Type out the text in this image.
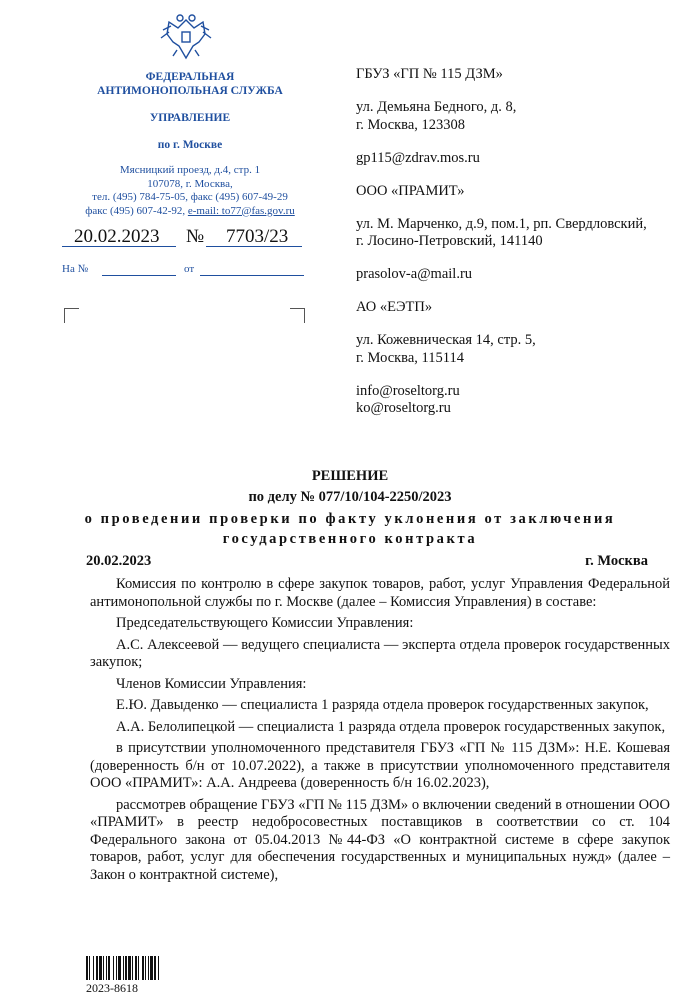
ФЕДЕРАЛЬНАЯ
АНТИМОНОПОЛЬНАЯ СЛУЖБА
УПРАВЛЕНИЕ
по г. Москве
Мясницкий проезд, д.4, стр. 1
107078, г. Москва,
тел. (495) 784-75-05, факс (495) 607-49-29
факс (495) 607-42-92, e-mail: to77@fas.gov.ru
20.02.2023 № 7703/23
На №	от

ГБУЗ «ГП № 115 ДЗМ»

ул. Демьяна Бедного, д. 8,

г. Москва, 123308

gp115@zdrav.mos.ru

ООО «ПРАМИТ»

ул. М. Марченко, д.9, пом.1, рп. Свердловский,

г. Лосино-Петровский, 141140

prasolov-a@mail.ru

АО «ЕЭТП»

ул. Кожевническая 14, стр. 5,

г. Москва, 115114

info@roseltorg.ru

ko@roseltorg.ru

РЕШЕНИЕ
по делу № 077/10/104-2250/2023
о проведении проверки по факту уклонения от заключения
государственного контракта
20.02.2023	г. Москва

Комиссия по контролю в сфере закупок товаров, работ, услуг Управления Федеральной антимонопольной службы по г. Москве (далее – Комиссия Управления) в составе:

Председательствующего Комиссии Управления:

А.С. Алексеевой — ведущего специалиста — эксперта отдела проверок государственных закупок;

Членов Комиссии Управления:

Е.Ю. Давыденко — специалиста 1 разряда отдела проверок государственных закупок,

А.А. Белолипецкой — специалиста 1 разряда отдела проверок государственных закупок,

в присутствии уполномоченного представителя ГБУЗ «ГП № 115 ДЗМ»: Н.Е. Кошевая (доверенность б/н от 10.07.2022), а также в присутствии уполномоченного представителя ООО «ПРАМИТ»: А.А. Андреева (доверенность б/н 16.02.2023),

рассмотрев обращение ГБУЗ «ГП № 115 ДЗМ» о включении сведений в отношении ООО «ПРАМИТ» в реестр недобросовестных поставщиков в соответствии со ст. 104 Федерального закона от 05.04.2013 №44-ФЗ «О контрактной системе в сфере закупок товаров, работ, услуг для обеспечения государственных и муниципальных нужд» (далее – Закон о контрактной системе),

2023-8618
